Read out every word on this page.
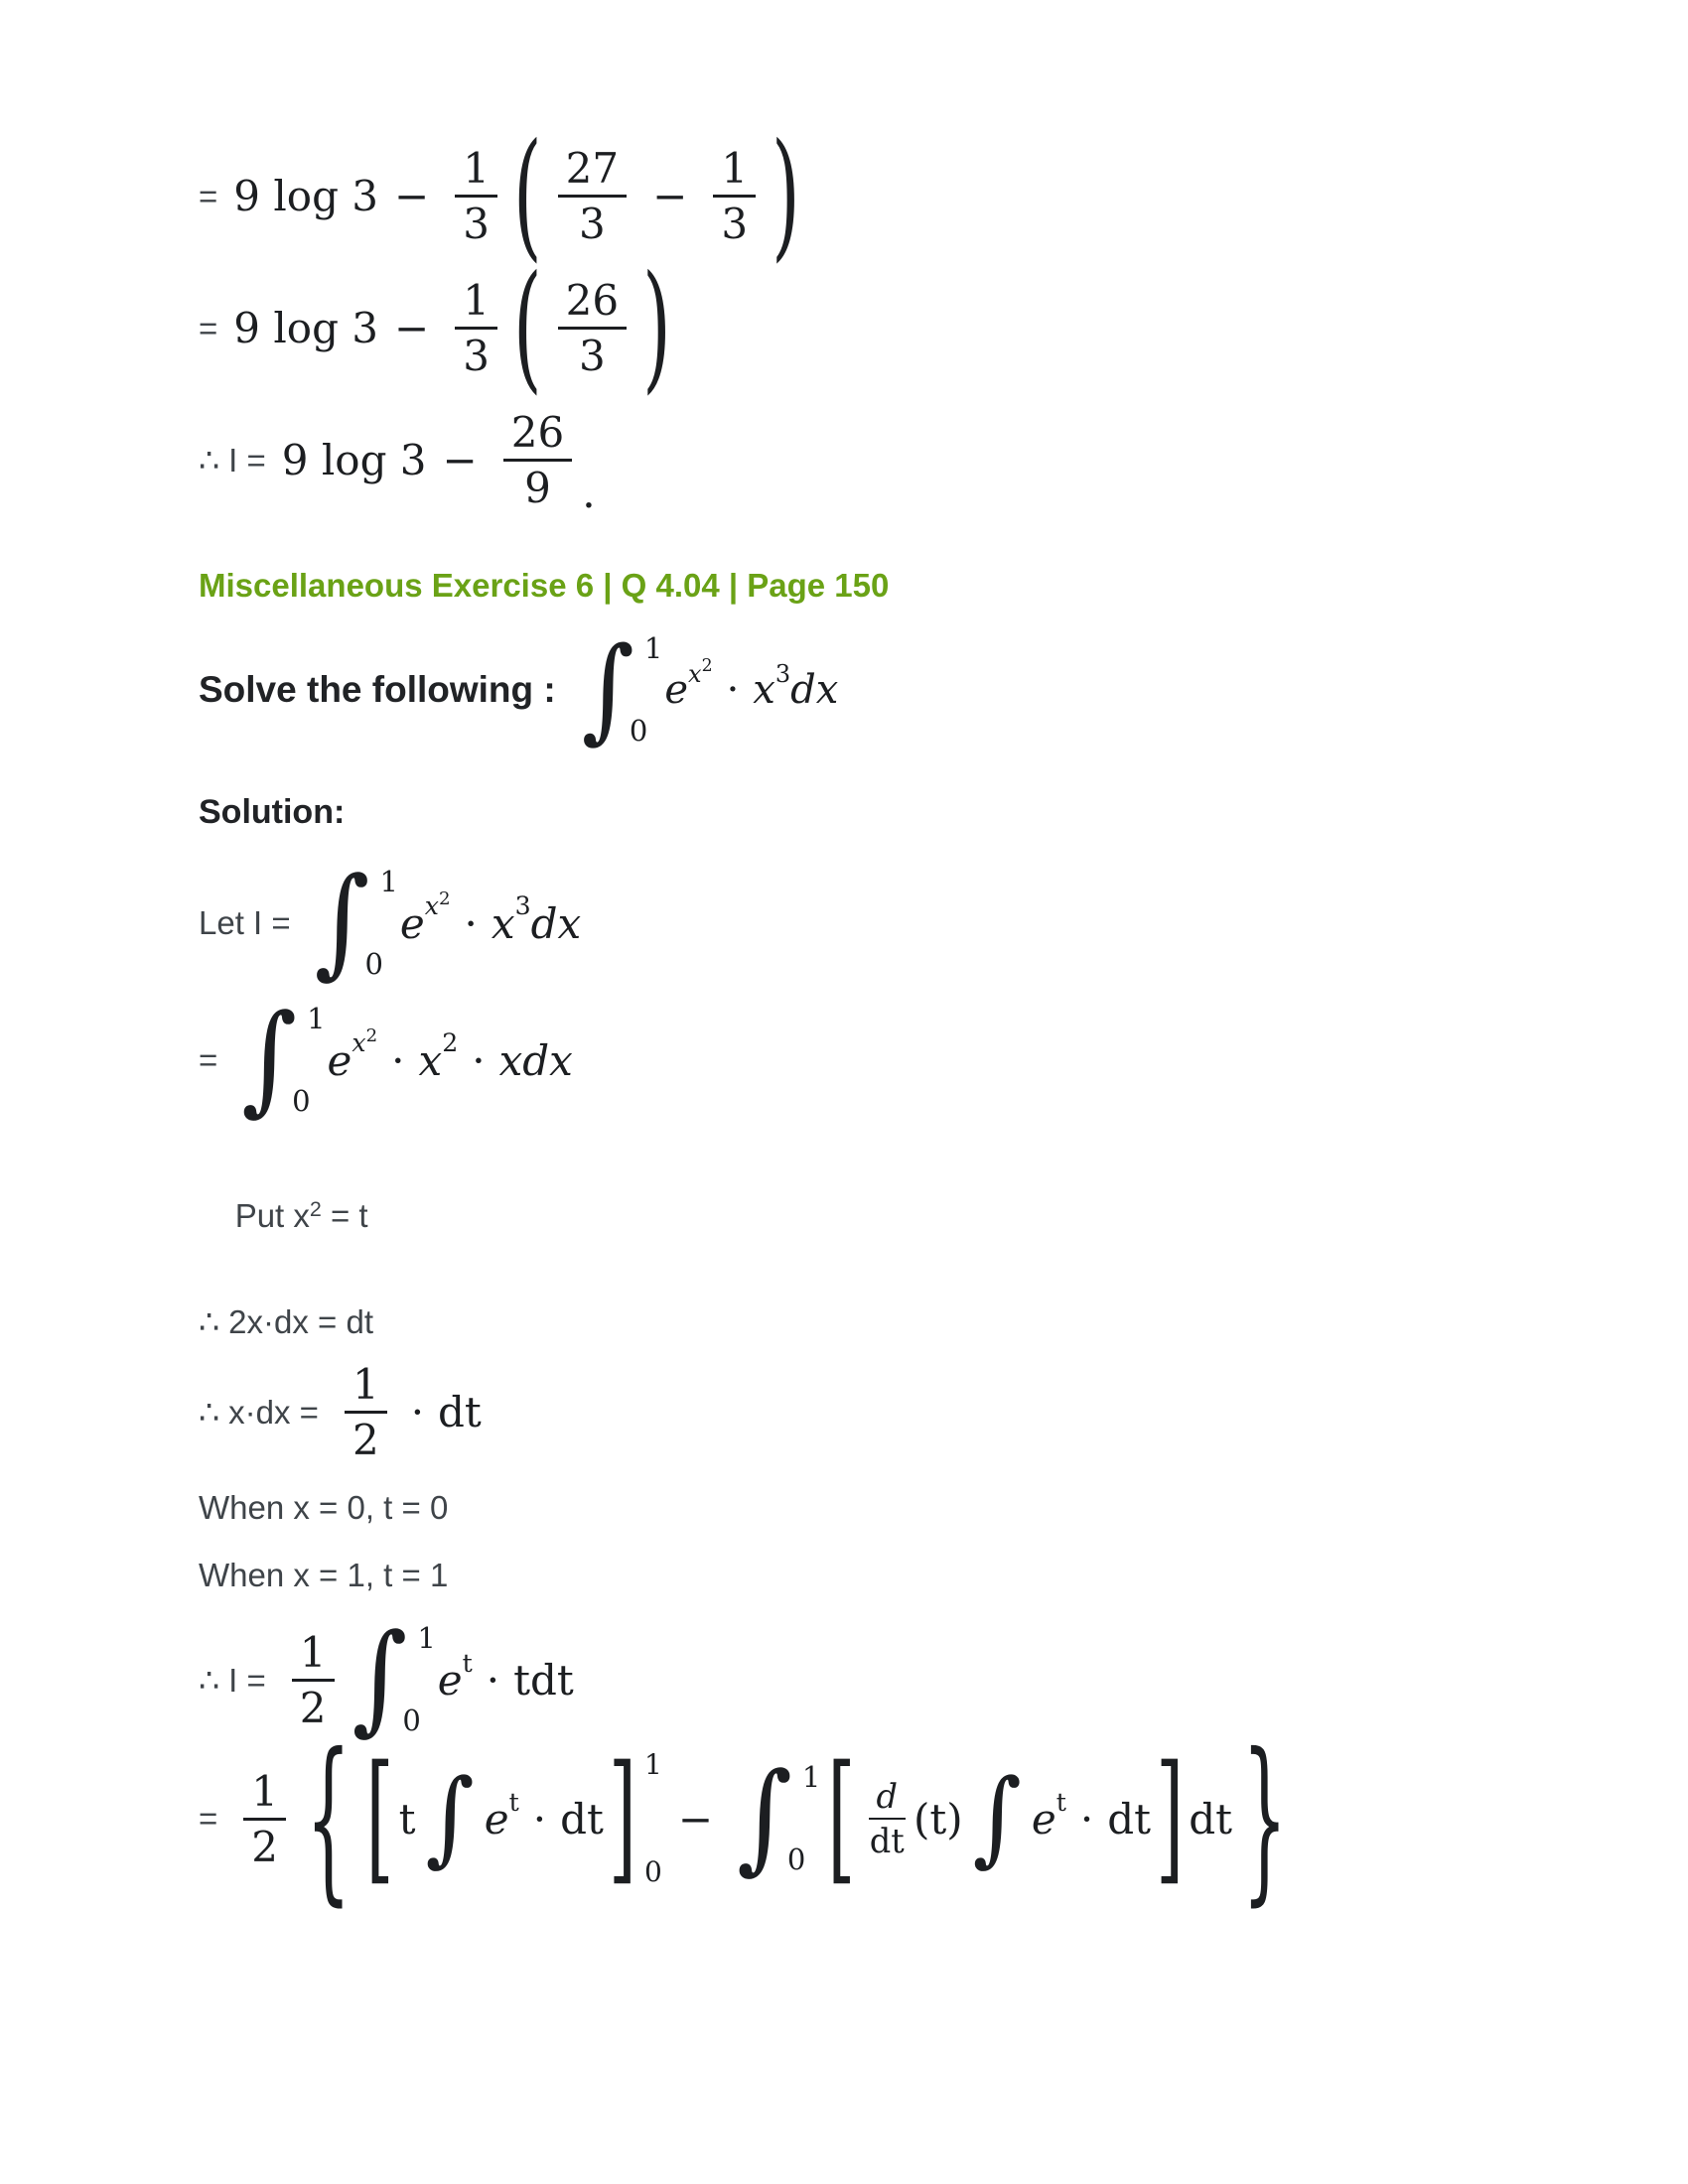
= 9 $\log 3 - \frac{1}{3}$ ( $\frac{27}{3} - \frac{1}{3}$ )
= 9 $\log 3 - \frac{1}{3}$ ( $\frac{26}{3}$ )
∴ I = 9 $\log 3 - \frac{26}{9}$ .
Miscellaneous Exercise 6 | Q 4.04 | Page 150
Solve the following : ∫ 1
0
e $x^2$
· x 3 dx
Solution:
Let I = ∫ 1
0
e $x^2$
· x 3 dx
= ∫ 1
0
e $x^2$
· x 2 · xdx

Put $x^2 = t$

∴ 2x·dx = dt
∴ $x\cdot dx = \frac{1}{2}$ · dt
When x = 0, t = 0
When x = 1, t = 1
∴ $I = \frac{1}{2}$ ∫ 1
0
e t · tdt
= $\frac{1}{2}$ { [ t ∫ e t · dt ] 1
0
− ∫ 1
0 [ $\frac{d}{dt} (t)$ ∫ e t · dt ] dt }
